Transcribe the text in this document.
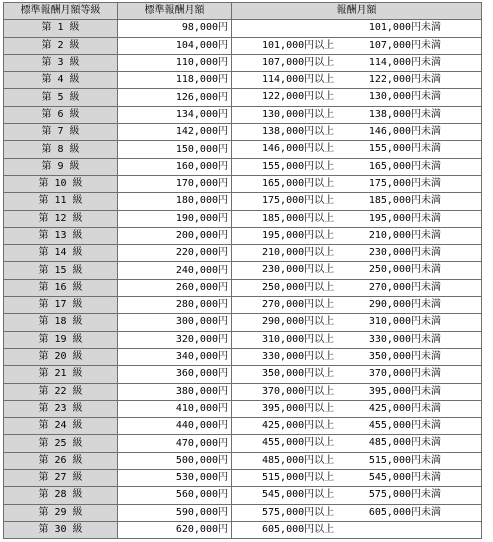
標準報酬月額等級	標準報酬月額	報酬月額
第 1 級	98,000円	101,000円未満

第 2 級	104,000円	101,000円以上 107,000円未満

第 3 級	110,000円	107,000円以上 114,000円未満

第 4 級	118,000円	114,000円以上 122,000円未満

第 5 級	126,000円	122,000円以上 130,000円未満

第 6 級	134,000円	130,000円以上 138,000円未満

第 7 級	142,000円	138,000円以上 146,000円未満

第 8 級	150,000円	146,000円以上 155,000円未満

第 9 級	160,000円	155,000円以上 165,000円未満

第 10 級	170,000円	165,000円以上 175,000円未満

第 11 級	180,000円	175,000円以上 185,000円未満

第 12 級	190,000円	185,000円以上 195,000円未満

第 13 級	200,000円	195,000円以上 210,000円未満

第 14 級	220,000円	210,000円以上 230,000円未満

第 15 級	240,000円	230,000円以上 250,000円未満

第 16 級	260,000円	250,000円以上 270,000円未満

第 17 級	280,000円	270,000円以上 290,000円未満

第 18 級	300,000円	290,000円以上 310,000円未満

第 19 級	320,000円	310,000円以上 330,000円未満

第 20 級	340,000円	330,000円以上 350,000円未満

第 21 級	360,000円	350,000円以上 370,000円未満

第 22 級	380,000円	370,000円以上 395,000円未満

第 23 級	410,000円	395,000円以上 425,000円未満

第 24 級	440,000円	425,000円以上 455,000円未満

第 25 級	470,000円	455,000円以上 485,000円未満

第 26 級	500,000円	485,000円以上 515,000円未満

第 27 級	530,000円	515,000円以上 545,000円未満

第 28 級	560,000円	545,000円以上 575,000円未満

第 29 級	590,000円	575,000円以上 605,000円未満

第 30 級	620,000円	605,000円以上
